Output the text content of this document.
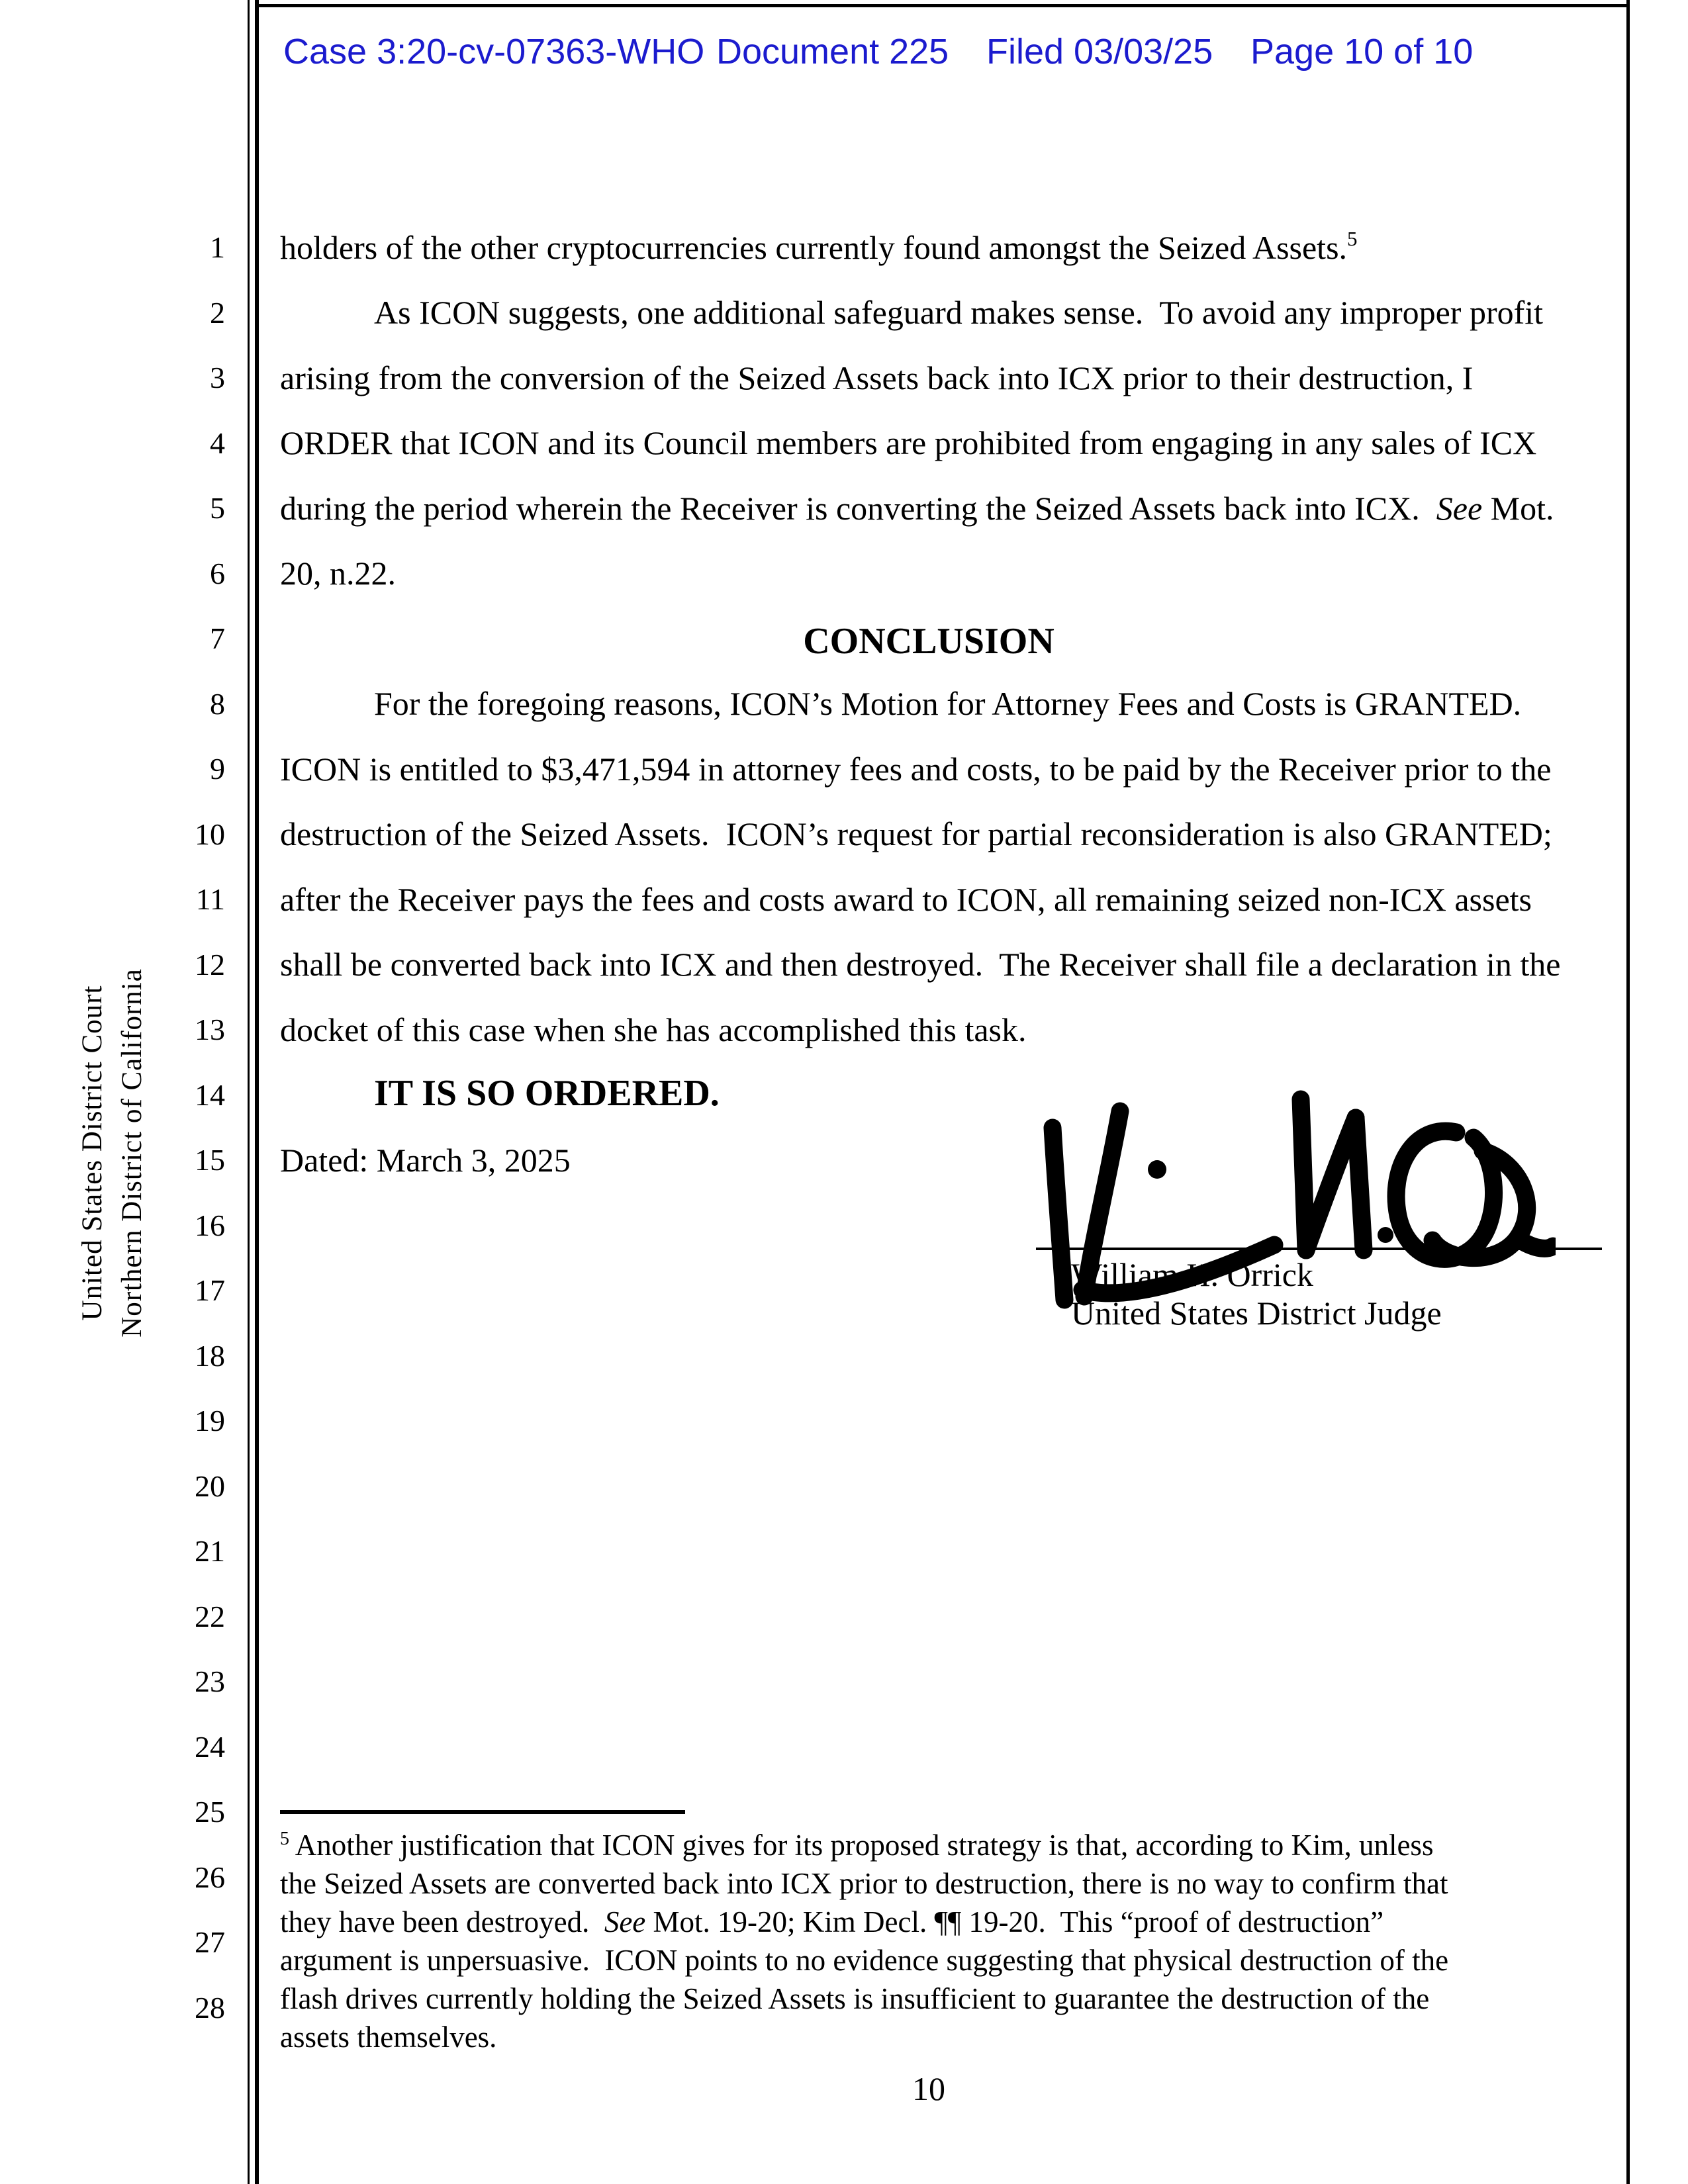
Case 3:20-cv-07363-WHO Document 225 Filed 03/03/25 Page 10 of 10
United States District Court Northern District of California
1
2
3
4
5
6
7
8
9
10
11
12
13
14
15
16
17
18
19
20
21
22
23
24
25
26
27
28
holders of the other cryptocurrencies currently found amongst the Seized Assets.$^5$
As ICON suggests, one additional safeguard makes sense.  To avoid any improper profit
arising from the conversion of the Seized Assets back into ICX prior to their destruction, I
ORDER that ICON and its Council members are prohibited from engaging in any sales of ICX
during the period wherein the Receiver is converting the Seized Assets back into ICX.  See Mot.
20, n.22.
CONCLUSION
For the foregoing reasons, ICON’s Motion for Attorney Fees and Costs is GRANTED.
ICON is entitled to $3,471,594 in attorney fees and costs, to be paid by the Receiver prior to the
destruction of the Seized Assets.  ICON’s request for partial reconsideration is also GRANTED;
after the Receiver pays the fees and costs award to ICON, all remaining seized non-ICX assets
shall be converted back into ICX and then destroyed.  The Receiver shall file a declaration in the
docket of this case when she has accomplished this task.
IT IS SO ORDERED.
Dated: March 3, 2025
William H. Orrick
United States District Judge
$^5$ Another justification that ICON gives for its proposed strategy is that, according to Kim, unless
the Seized Assets are converted back into ICX prior to destruction, there is no way to confirm that
they have been destroyed.  See Mot. 19-20; Kim Decl. ¶¶ 19-20.  This “proof of destruction”
argument is unpersuasive.  ICON points to no evidence suggesting that physical destruction of the
flash drives currently holding the Seized Assets is insufficient to guarantee the destruction of the
assets themselves.
10
